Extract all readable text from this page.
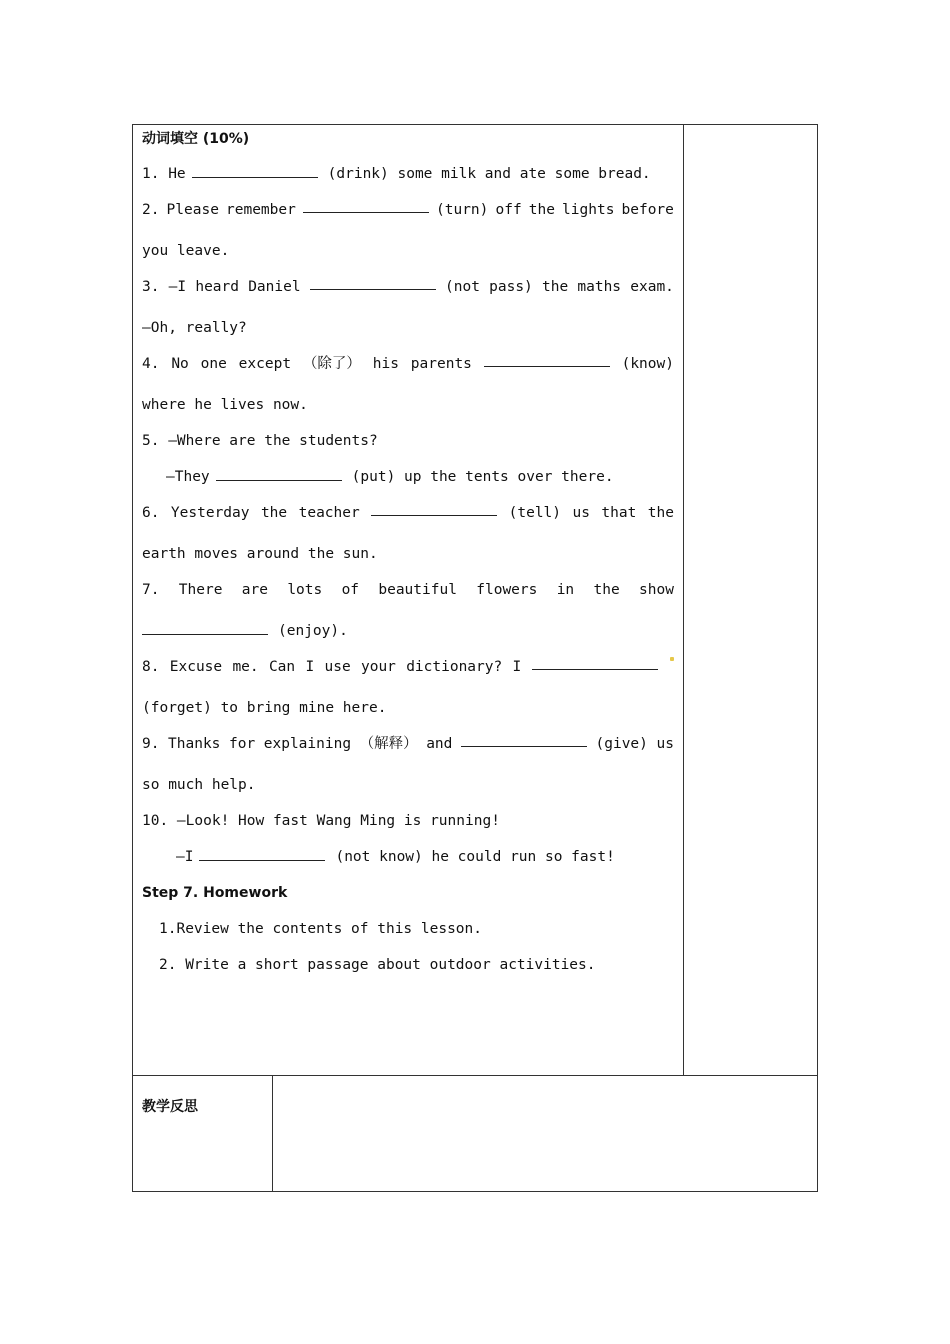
动词填空 (10%)
1. He	(drink) some milk and ate some bread.
2. Please remember	(turn) off the lights before
you leave.
3. —I heard Daniel	(not pass) the maths exam.
—Oh, really?
4. No one except （除了） his parents	(know)
where he lives now.
5. —Where are the students?
—They	(put) up the tents over there.
6. Yesterday the teacher	(tell) us that the
earth moves around the sun.
7. There are lots of beautiful flowers in the show
(enjoy).
8. Excuse me. Can I use your dictionary? I
(forget) to bring mine here.
9. Thanks for explaining （解释） and	(give) us
so much help.
10. —Look! How fast Wang Ming is running!
—I	(not know) he could run so fast!
Step 7. Homework
1.Review the contents of this lesson.
2. Write a short passage about outdoor activities.
教学反思
